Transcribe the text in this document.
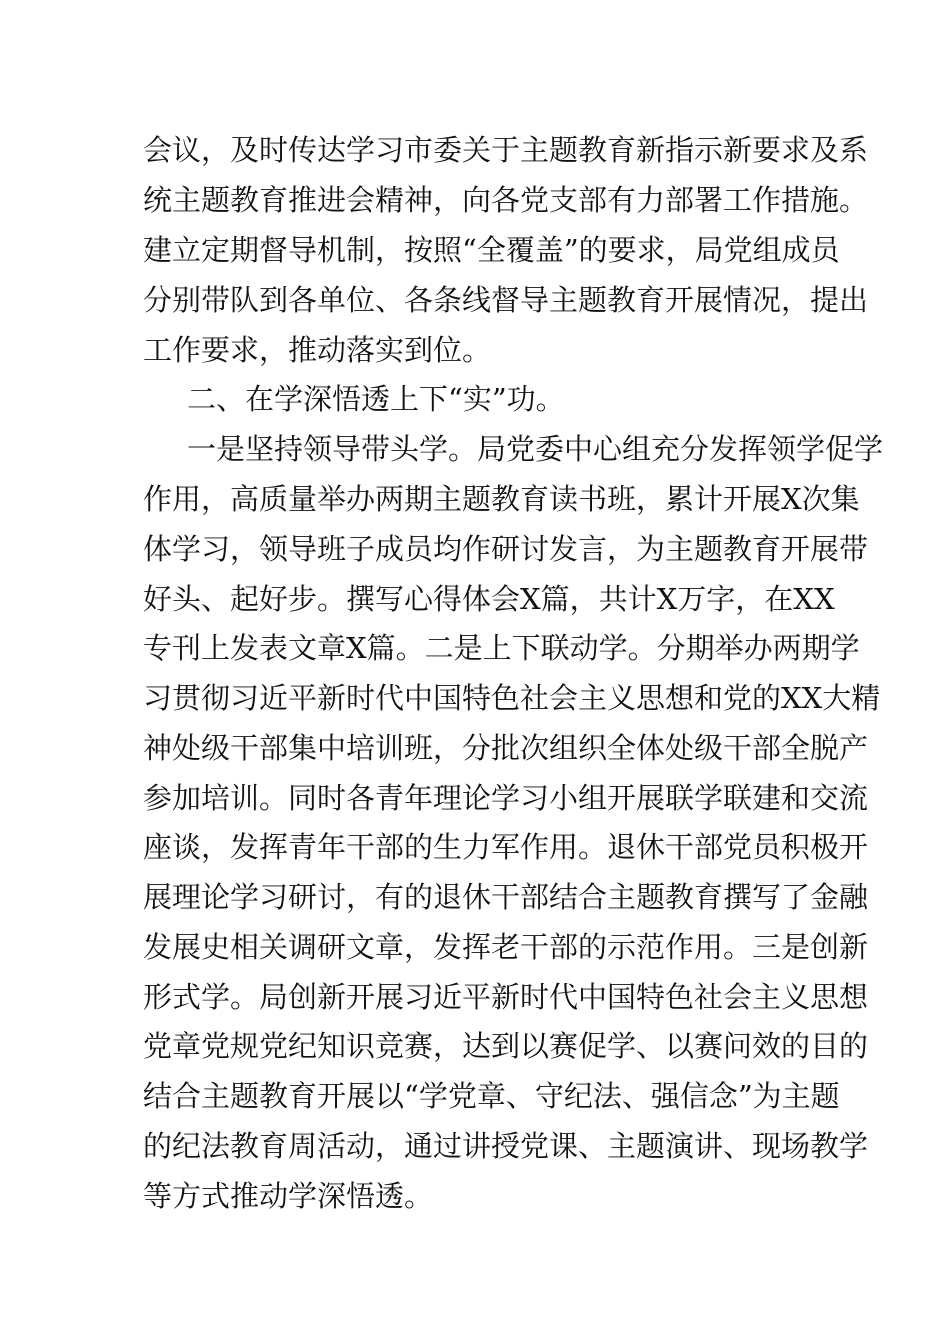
会议，及时传达学习市委关于主题教育新指示新要求及系

统主题教育推进会精神，向各党支部有力部署工作措施。

建立定期督导机制，按照“全覆盖”的要求，局党组成员

分别带队到各单位、各条线督导主题教育开展情况，提出

工作要求，推动落实到位。

二、在学深悟透上下“实”功。

一是坚持领导带头学。局党委中心组充分发挥领学促学

作用，高质量举办两期主题教育读书班，累计开展X次集

体学习，领导班子成员均作研讨发言，为主题教育开展带

好头、起好步。撰写心得体会X篇，共计X万字，在XX

专刊上发表文章X篇。二是上下联动学。分期举办两期学

习贯彻习近平新时代中国特色社会主义思想和党的XX大精

神处级干部集中培训班，分批次组织全体处级干部全脱产

参加培训。同时各青年理论学习小组开展联学联建和交流

座谈，发挥青年干部的生力军作用。退休干部党员积极开

展理论学习研讨，有的退休干部结合主题教育撰写了金融

发展史相关调研文章，发挥老干部的示范作用。三是创新

形式学。局创新开展习近平新时代中国特色社会主义思想

党章党规党纪知识竞赛，达到以赛促学、以赛问效的目的

结合主题教育开展以“学党章、守纪法、强信念”为主题

的纪法教育周活动，通过讲授党课、主题演讲、现场教学

等方式推动学深悟透。
